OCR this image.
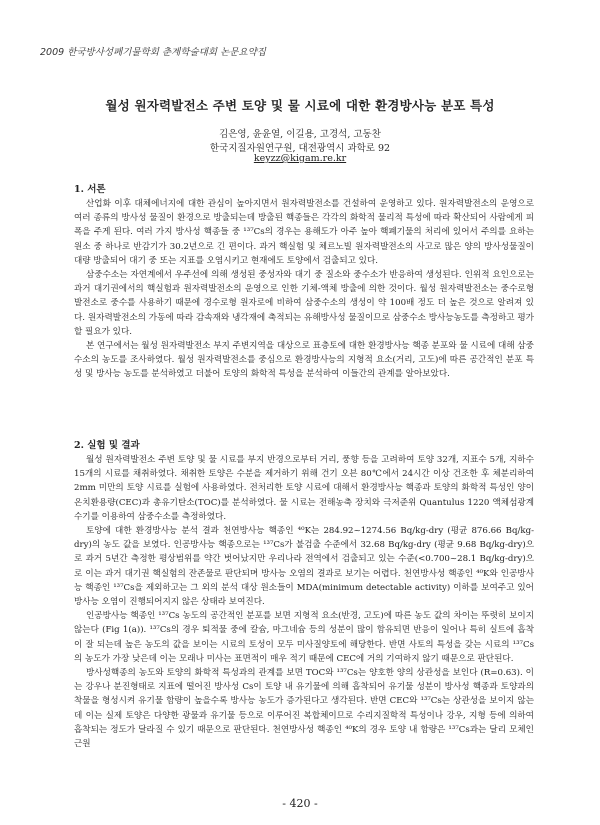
2009 한국방사성폐기물학회 춘계학술대회 논문요약집
월성 원자력발전소 주변 토양 및 물 시료에 대한 환경방사능 분포 특성
김은영, 윤윤열, 이길용, 고경석, 고동찬
한국지질자원연구원, 대전광역시 과학로 92
keyzz@kigam.re.kr

1. 서론

산업화 이후 대체에너지에 대한 관심이 높아지면서 원자력발전소를 건설하여 운영하고 있다. 원자력발전소의 운영으로 여러 종류의 방사성 물질이 환경으로 방출되는데 방출된 핵종들은 각각의 화학적 물리적 특성에 따라 확산되어 사람에게 피폭을 주게 된다. 여러 가지 방사성 핵종들 중 ¹³⁷Cs의 경우는 용해도가 아주 높아 핵폐기물의 처리에 있어서 주의를 요하는 원소 중 하나로 반감기가 30.2년으로 긴 편이다. 과거 핵실험 및 체르노빌 원자력발전소의 사고로 많은 양의 방사성물질이 대량 방출되어 대기 중 또는 지표를 오염시키고 현재에도 토양에서 검출되고 있다.

삼중수소는 자연계에서 우주선에 의해 생성된 중성자와 대기 중 질소와 중수소가 반응하여 생성된다. 인위적 요인으로는 과거 대기권에서의 핵실험과 원자력발전소의 운영으로 인한 기체-액체 방출에 의한 것이다. 월성 원자력발전소는 중수로형 발전소로 중수를 사용하기 때문에 경수로형 원자로에 비하여 삼중수소의 생성이 약 100배 정도 더 높은 것으로 알려져 있다. 원자력발전소의 가동에 따라 감속재와 냉각재에 축적되는 유해방사성 물질이므로 삼중수소 방사능농도를 측정하고 평가할 필요가 있다.

본 연구에서는 월성 원자력발전소 부지 주변지역을 대상으로 표층토에 대한 환경방사능 핵종 분포와 물 시료에 대해 삼중수소의 농도를 조사하였다. 월성 원자력발전소를 중심으로 환경방사능의 지형적 요소(거리, 고도)에 따른 공간적인 분포 특성 및 방사능 농도를 분석하였고 더불어 토양의 화학적 특성을 분석하여 이들간의 관계를 알아보았다.

2. 실험 및 결과

월성 원자력발전소 주변 토양 및 물 시료를 부지 반경으로부터 거리, 풍향 등을 고려하여 토양 32개, 지표수 5개, 지하수 15개의 시료를 채취하였다. 채취한 토양은 수분을 제거하기 위해 건기 오븐 80℃에서 24시간 이상 건조한 후 체분리하여 2mm 미만의 토양 시료를 실험에 사용하였다. 전처리한 토양 시료에 대해서 환경방사능 핵종과 토양의 화학적 특성인 양이온치환용량(CEC)과 총유기탄소(TOC)를 분석하였다. 물 시료는 전해농축 장치와 극저준위 Quantulus 1220 액체섬광계수기를 이용하여 삼중수소를 측정하였다.

토양에 대한 환경방사능 분석 결과 천연방사능 핵종인 ⁴⁰K는 284.92~1274.56 Bq/kg-dry (평균 876.66 Bq/kg-dry)의 농도 값을 보였다. 인공방사능 핵종으로는 ¹³⁷Cs가 불검출 수준에서 32.68 Bq/kg-dry (평균 9.68 Bq/kg-dry)으로 과거 5년간 측정한 평상범위를 약간 벗어났지만 우리나라 전역에서 검출되고 있는 수준(<0.700~28.1 Bq/kg-dry)으로 이는 과거 대기권 핵실험의 잔존물로 판단되며 방사능 오염의 결과로 보기는 어렵다. 천연방사성 핵종인 ⁴⁰K와 인공방사능 핵종인 ¹³⁷Cs을 제외하고는 그 외의 분석 대상 원소들이 MDA(minimum detectable activity) 이하를 보여주고 있어 방사능 오염이 진행되어지지 않은 상태라 보여진다.

인공방사능 핵종인 ¹³⁷Cs 농도의 공간적인 분포를 보면 지형적 요소(반경, 고도)에 따른 농도 값의 차이는 뚜렷히 보이지 않는다 (Fig 1(a)). ¹³⁷Cs의 경우 퇴적물 중에 칼슘, 마그네슘 등의 성분이 많이 함유되면 반응이 일어나 특히 실트에 흡착이 잘 되는데 높은 농도의 값을 보이는 시료의 토성이 모두 미사질양토에 해당한다. 반면 사토의 특성을 갖는 시료의 ¹³⁷Cs의 농도가 가장 낮은데 이는 모래나 미사는 표면적이 매우 적기 때문에 CEC에 거의 기여하지 않기 때문으로 판단된다.

방사성핵종의 농도와 토양의 화학적 특성과의 관계를 보면 TOC와 ¹³⁷Cs는 양호한 양의 상관성을 보인다 (R=0.63). 이는 강우나 분진형태로 지표에 떨어진 방사성 Cs이 토양 내 유기물에 의해 흡착되어 유기물 성분이 방사성 핵종과 토양과의 착물을 형성시켜 유기물 함량이 높을수록 방사능 농도가 증가된다고 생각된다. 반면 CEC와 ¹³⁷Cs는 상관성을 보이지 않는데 이는 실제 토양은 다양한 광물과 유기물 등으로 이루어진 복합체이므로 수리지질학적 특성이나 강우, 지형 등에 의하여 흡착되는 정도가 달라질 수 있기 때문으로 판단된다. 천연방사성 핵종인 ⁴⁰K의 경우 토양 내 함량은 ¹³⁷Cs과는 달리 모체인 근원

- 420 -
